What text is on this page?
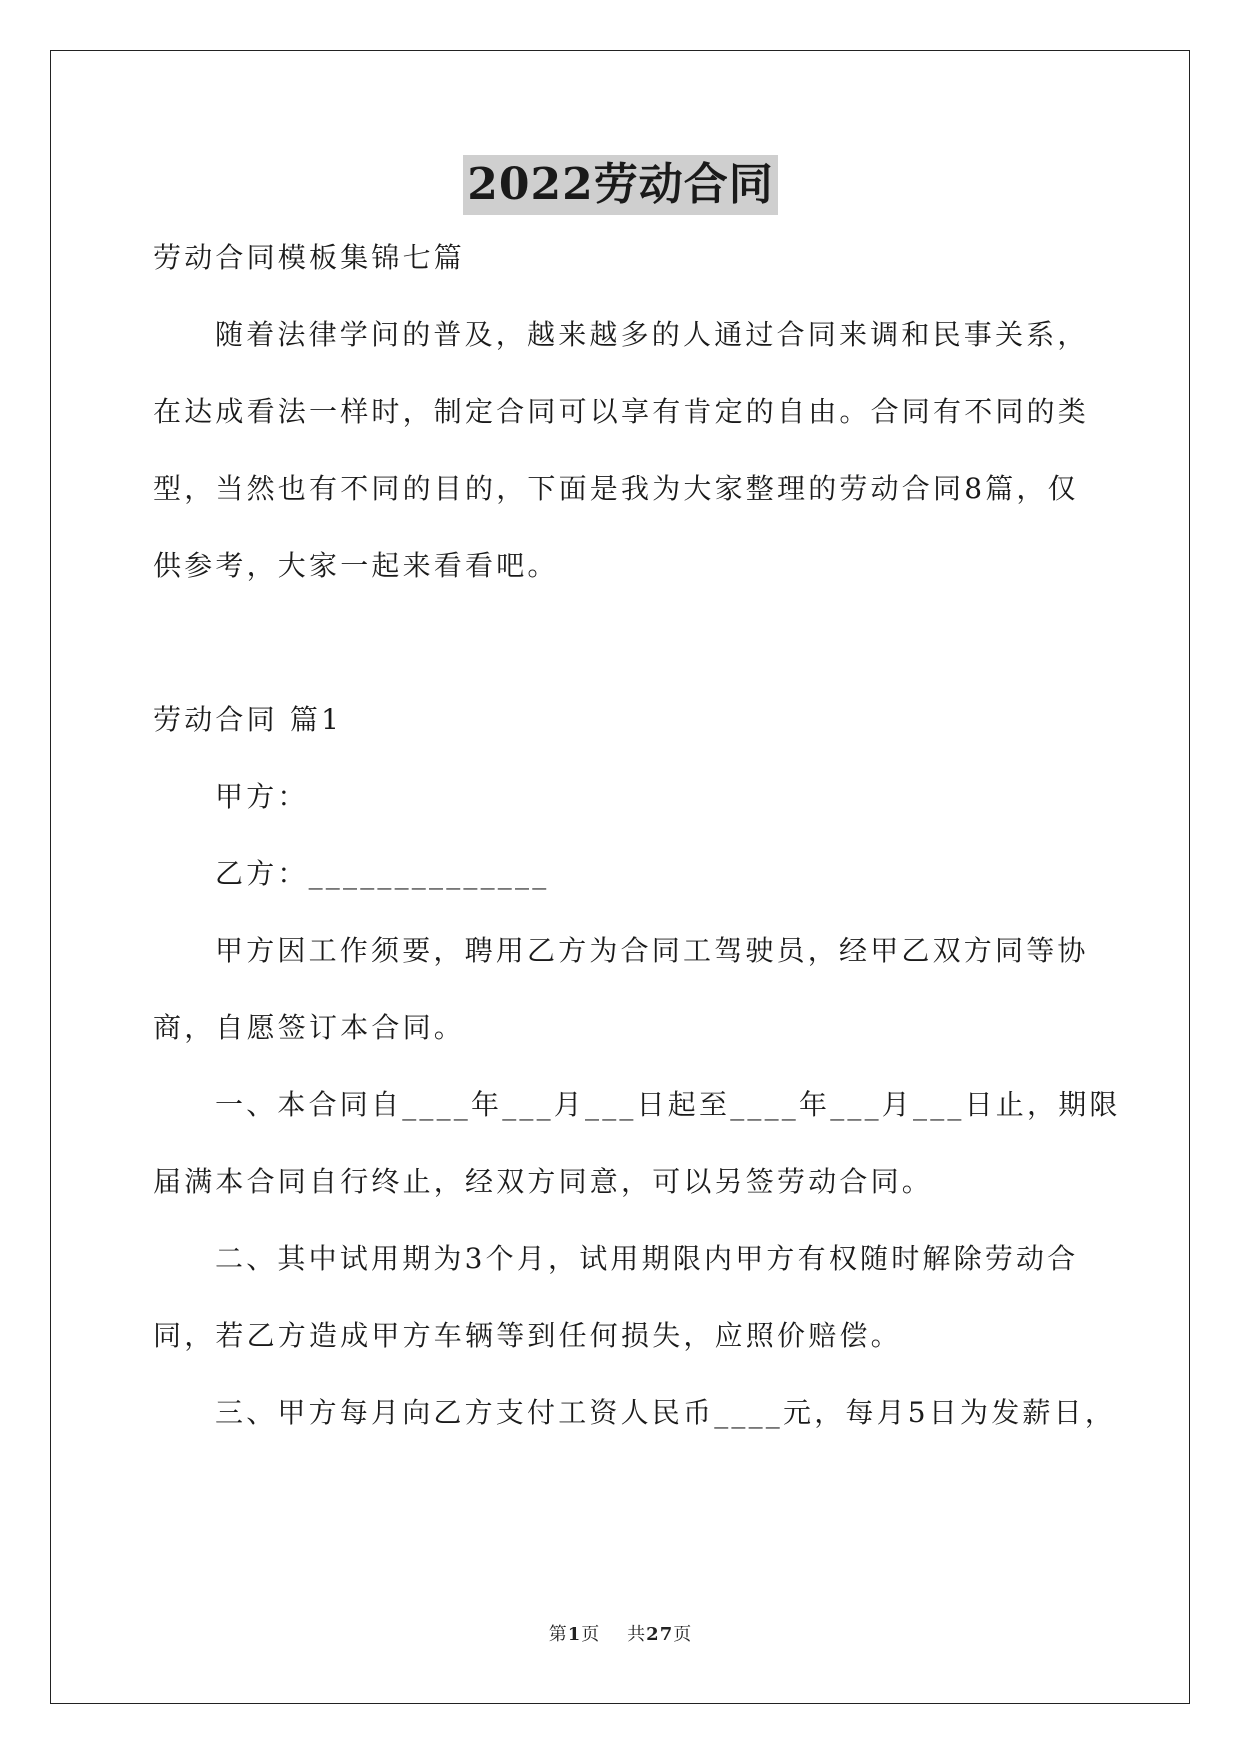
2022劳动合同
劳动合同模板集锦七篇
随着法律学问的普及，越来越多的人通过合同来调和民事关系，
在达成看法一样时，制定合同可以享有肯定的自由。合同有不同的类
型，当然也有不同的目的，下面是我为大家整理的劳动合同8篇，仅
供参考，大家一起来看看吧。
劳动合同 篇1
甲方：
乙方：______________
甲方因工作须要，聘用乙方为合同工驾驶员，经甲乙双方同等协
商，自愿签订本合同。
一、本合同自____年___月___日起至____年___月___日止，期限
届满本合同自行终止，经双方同意，可以另签劳动合同。
二、其中试用期为3个月，试用期限内甲方有权随时解除劳动合
同，若乙方造成甲方车辆等到任何损失，应照价赔偿。
三、甲方每月向乙方支付工资人民币____元，每月5日为发薪日，
第1页 共27页
